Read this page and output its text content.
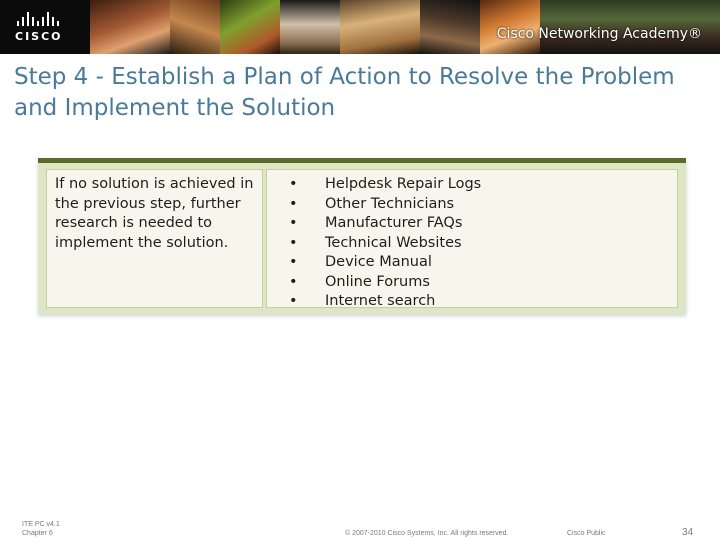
CISCO	Cisco Networking Academy®
Step 4 - Establish a Plan of Action to Resolve the Problem and Implement the Solution

If no solution is achieved in the previous step, further research is needed to implement the solution.

• Helpdesk Repair Logs
• Other Technicians
• Manufacturer FAQs
• Technical Websites
• Device Manual
• Online Forums
• Internet search
ITE PC v4.1
Chapter 6	© 2007-2010 Cisco Systems, Inc. All rights reserved.	Cisco Public	34
